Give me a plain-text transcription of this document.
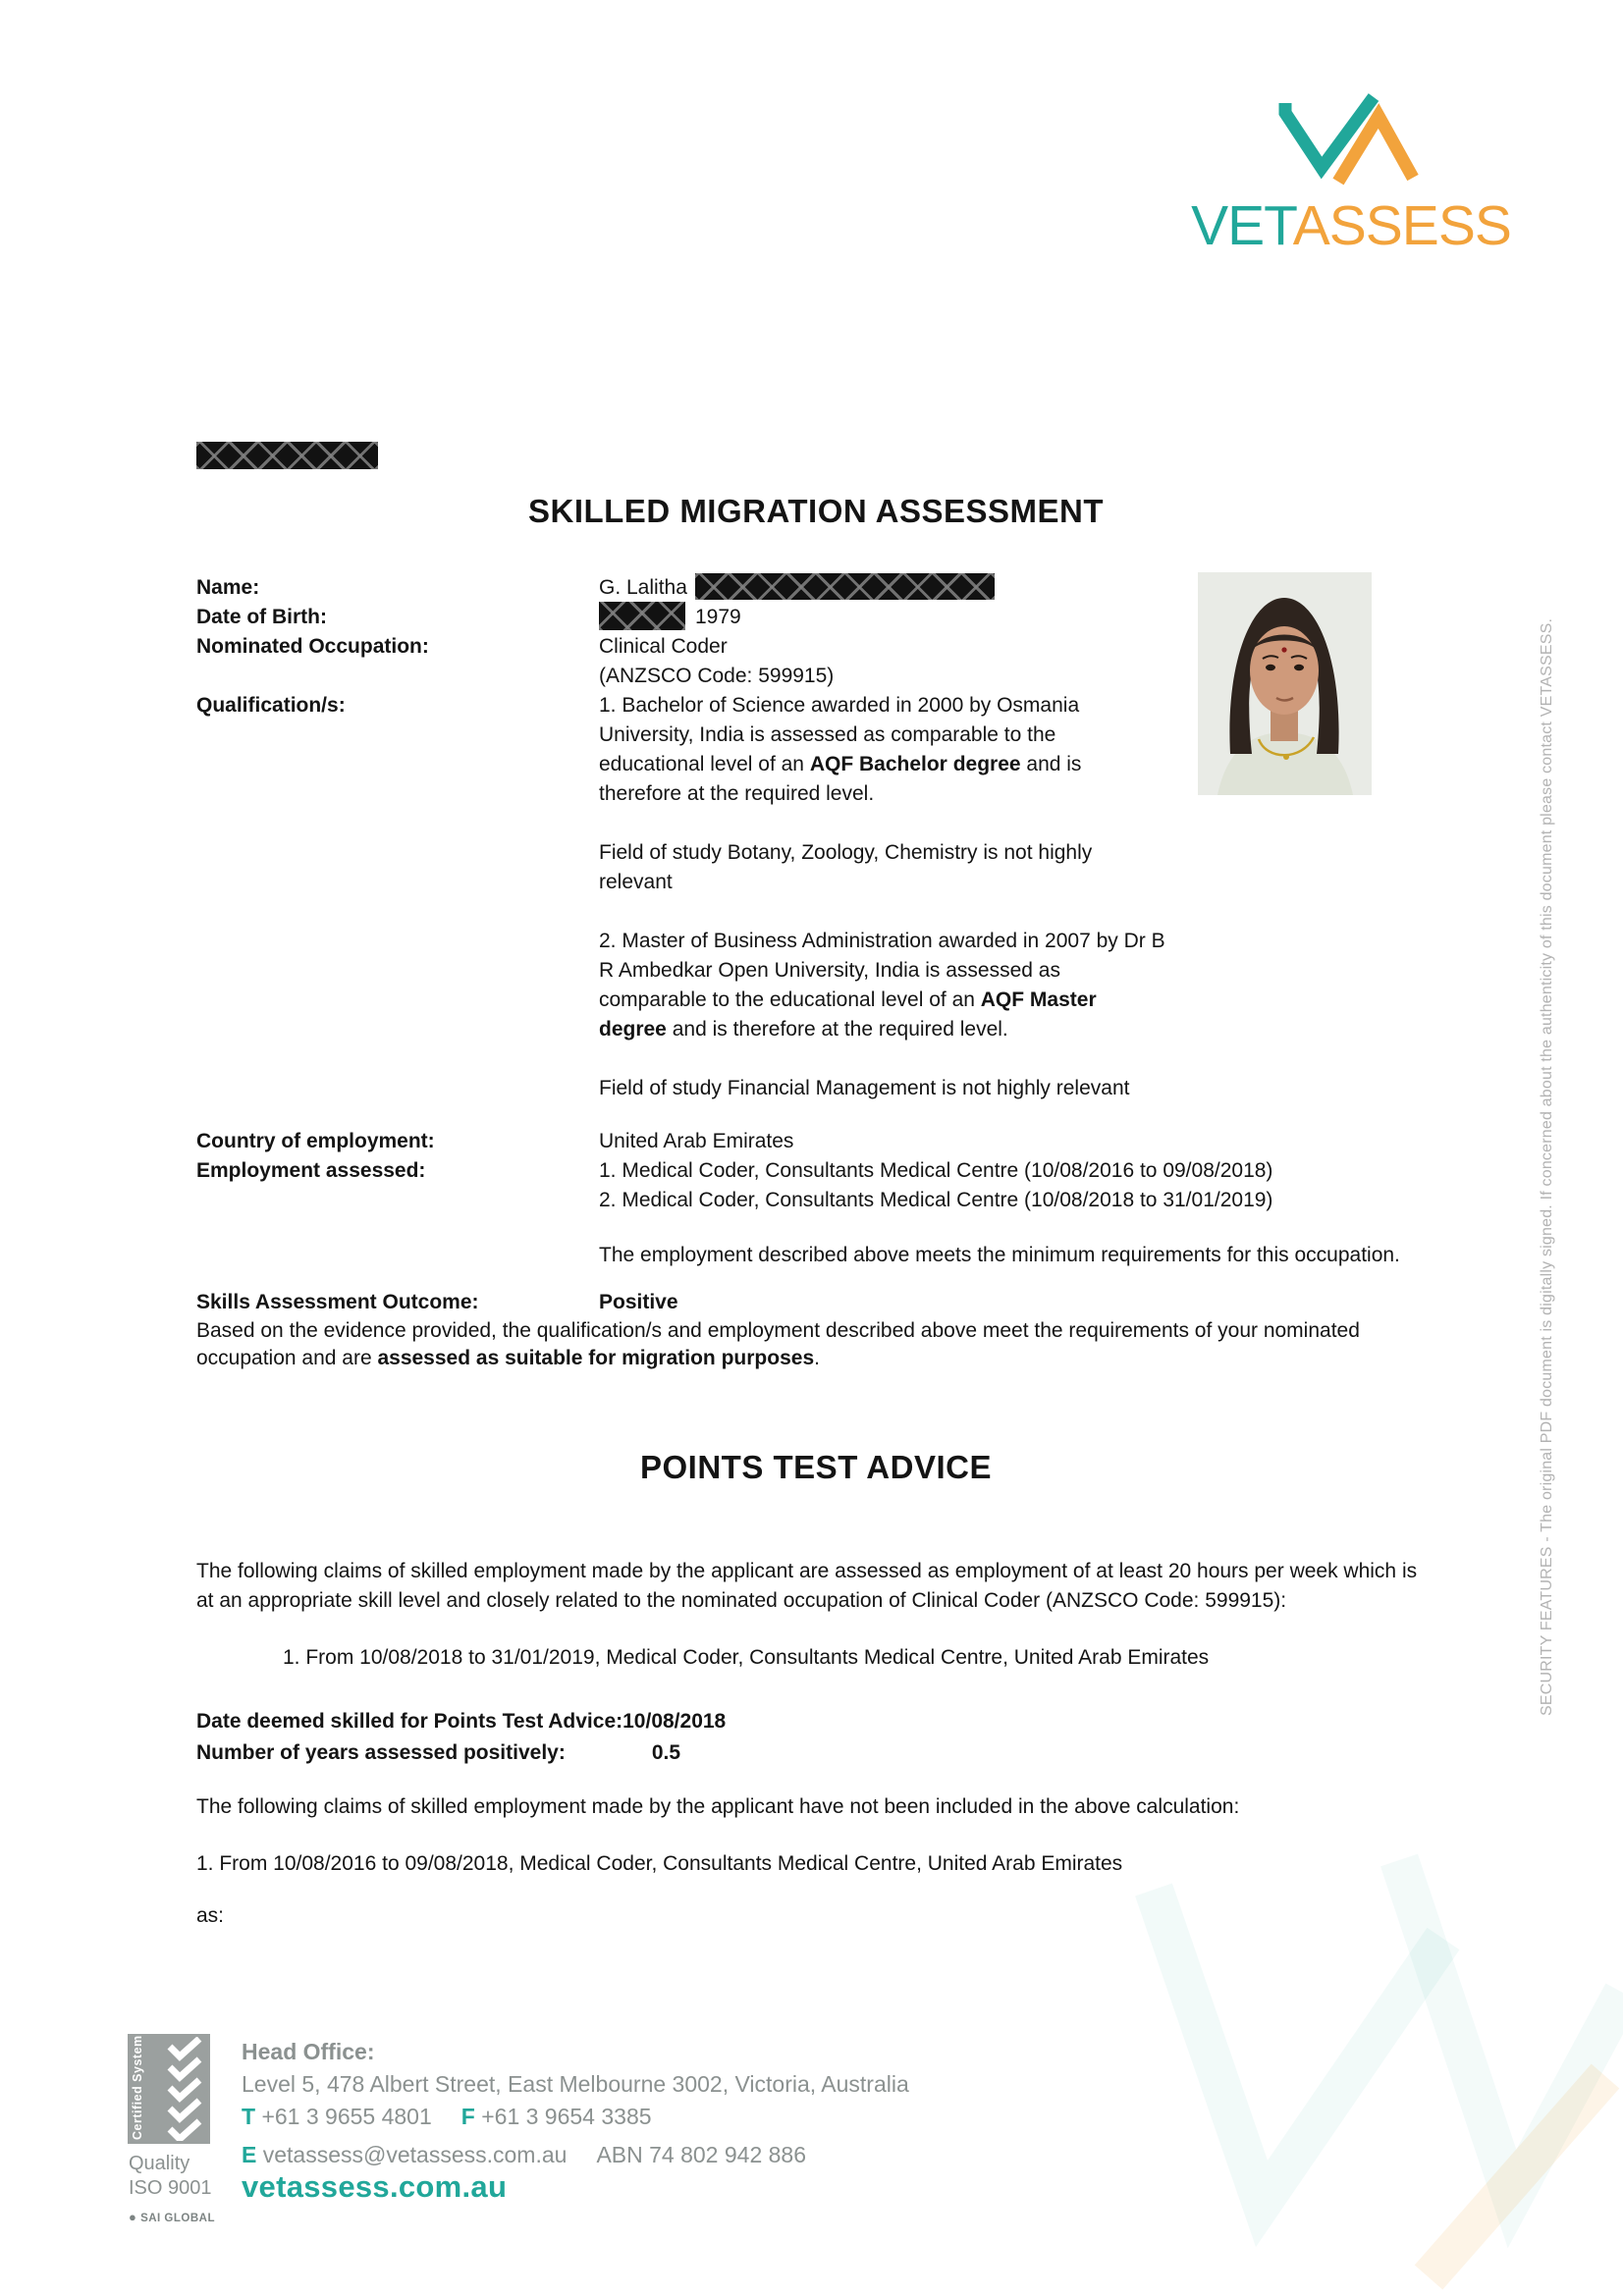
VETASSESS
SECURITY FEATURES - The original PDF document is digitally signed. If concerned about the authenticity of this document please contact VETASSESS.
SKILLED MIGRATION ASSESSMENT
Name:	G. Lalitha
Date of Birth:	1979
Nominated Occupation:	Clinical Coder
(ANZSCO Code: 599915)
Qualification/s:	1. Bachelor of Science awarded in 2000 by Osmania University, India is assessed as comparable to the educational level of an AQF Bachelor degree and is therefore at the required level.
Field of study Botany, Zoology, Chemistry is not highly relevant
2. Master of Business Administration awarded in 2007 by Dr B R Ambedkar Open University, India is assessed as comparable to the educational level of an AQF Master degree and is therefore at the required level.
Field of study Financial Management is not highly relevant
Country of employment:	United Arab Emirates
Employment assessed:	1. Medical Coder, Consultants Medical Centre (10/08/2016 to 09/08/2018)
2. Medical Coder, Consultants Medical Centre (10/08/2018 to 31/01/2019)
The employment described above meets the minimum requirements for this occupation.
Skills Assessment Outcome:	Positive
Based on the evidence provided, the qualification/s and employment described above meet the requirements of your nominated occupation and are assessed as suitable for migration purposes.
POINTS TEST ADVICE
The following claims of skilled employment made by the applicant are assessed as employment of at least 20 hours per week which is at an appropriate skill level and closely related to the nominated occupation of Clinical Coder (ANZSCO Code: 599915):
1. From 10/08/2018 to 31/01/2019, Medical Coder, Consultants Medical Centre, United Arab Emirates
Date deemed skilled for Points Test Advice:10/08/2018
Number of years assessed positively:	0.5
The following claims of skilled employment made by the applicant have not been included in the above calculation:
1. From 10/08/2016 to 09/08/2018, Medical Coder, Consultants Medical Centre, United Arab Emirates
as:
Certified System
Quality
ISO 9001
● SAI GLOBAL
Head Office:
Level 5, 478 Albert Street, East Melbourne 3002, Victoria, Australia
T +61 3 9655 4801 F +61 3 9654 3385
E vetassess@vetassess.com.au ABN 74 802 942 886
vetassess.com.au
